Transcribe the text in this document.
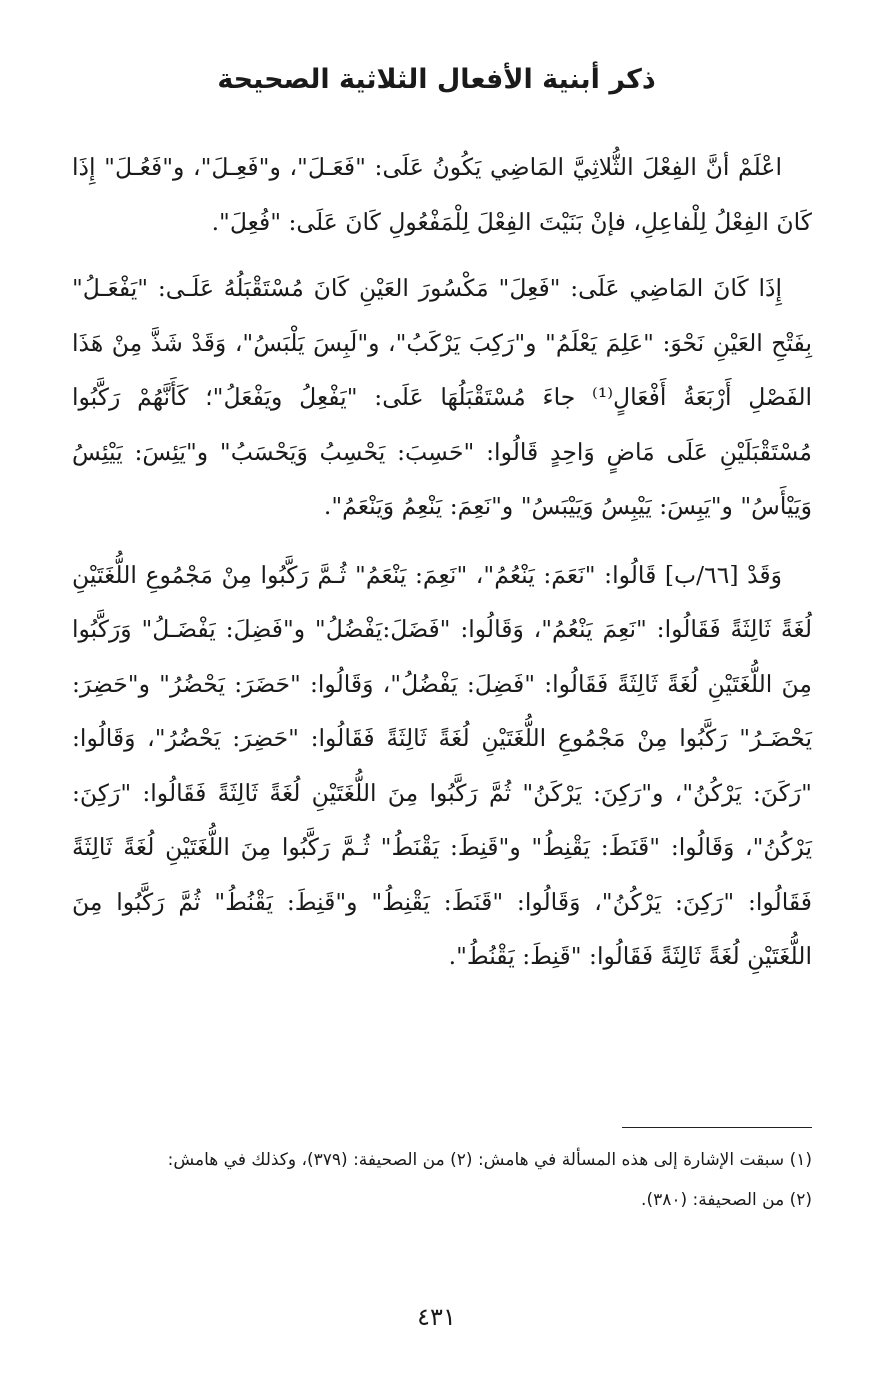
ذكر أبنية الأفعال الثلاثية الصحيحة

اعْلَمْ أنَّ الفِعْلَ الثُّلاثِيَّ المَاضِي يَكُونُ عَلَى: "فَعَـلَ"، و"فَعِـلَ"، و"فَعُـلَ" إِذَا كَانَ الفِعْلُ لِلْفاعِلِ، فإنْ بَنَيْتَ الفِعْلَ لِلْمَفْعُولِ كَانَ عَلَى: "فُعِلَ".

إِذَا كَانَ المَاضِي عَلَى: "فَعِلَ" مَكْسُورَ العَيْنِ كَانَ مُسْتَقْبَلُهُ عَلَـى: "يَفْعَـلُ" بِفَتْحِ العَيْنِ نَحْوَ: "عَلِمَ يَعْلَمُ" و"رَكِبَ يَرْكَبُ"، و"لَبِسَ يَلْبَسُ"، وَقَدْ شَذَّ مِنْ هَذَا الفَصْلِ أَرْبَعَةُ أَفْعَالٍ⁽¹⁾ جاءَ مُسْتَقْبَلُهَا عَلَى: "يَفْعِلُ ويَفْعَلُ"؛ كَأَنَّهُمْ رَكَّبُوا مُسْتَقْبَلَيْنِ عَلَى مَاضٍ وَاحِدٍ قَالُوا: "حَسِبَ: يَحْسِبُ وَيَحْسَبُ" و"يَئِسَ: يَيْئِسُ وَيَيْأَسُ" و"يَبِسَ: يَيْبِسُ وَيَيْبَسُ" و"نَعِمَ: يَنْعِمُ وَيَنْعَمُ".

وَقَدْ [٦٦/ب] قَالُوا: "نَعَمَ: يَنْعُمُ"، "نَعِمَ: يَنْعَمُ" ثُـمَّ رَكَّبُوا مِنْ مَجْمُوعِ اللُّغَتَيْنِ لُغَةً ثَالِثَةً فَقَالُوا: "نَعِمَ يَنْعُمُ"، وَقَالُوا: "فَضَلَ:يَفْضُلُ" و"فَضِلَ: يَفْضَـلُ" وَرَكَّبُوا مِنَ اللُّغَتَيْنِ لُغَةً ثَالِثَةً فَقَالُوا: "فَضِلَ: يَفْضُلُ"، وَقَالُوا: "حَضَرَ: يَحْضُرُ" و"حَضِرَ: يَحْضَـرُ" رَكَّبُوا مِنْ مَجْمُوعِ اللُّغَتَيْنِ لُغَةً ثَالِثَةً فَقَالُوا: "حَضِرَ: يَحْضُرُ"، وَقَالُوا: "رَكَنَ: يَرْكُنُ"، و"رَكِنَ: يَرْكَنُ" ثُمَّ رَكَّبُوا مِنَ اللُّغَتَيْنِ لُغَةً ثَالِثَةً فَقَالُوا: "رَكِنَ: يَرْكُنُ"، وَقَالُوا: "قَنَطَ: يَقْنِطُ" و"قَنِطَ: يَقْنَطُ" ثُـمَّ رَكَّبُوا مِنَ اللُّغَتَيْنِ لُغَةً ثَالِثَةً فَقَالُوا: "رَكِنَ: يَرْكُنُ"، وَقَالُوا: "قَنَطَ: يَقْنِطُ" و"قَنِطَ: يَقْنُطُ" ثُمَّ رَكَّبُوا مِنَ اللُّغَتَيْنِ لُغَةً ثَالِثَةً فَقَالُوا: "قَنِطَ: يَقْنُطُ".

(١) سبقت الإشارة إلى هذه المسألة في هامش: (٢) من الصحيفة: (٣٧٩)، وكذلك في هامش:

(٢) من الصحيفة: (٣٨٠).

٤٣١
